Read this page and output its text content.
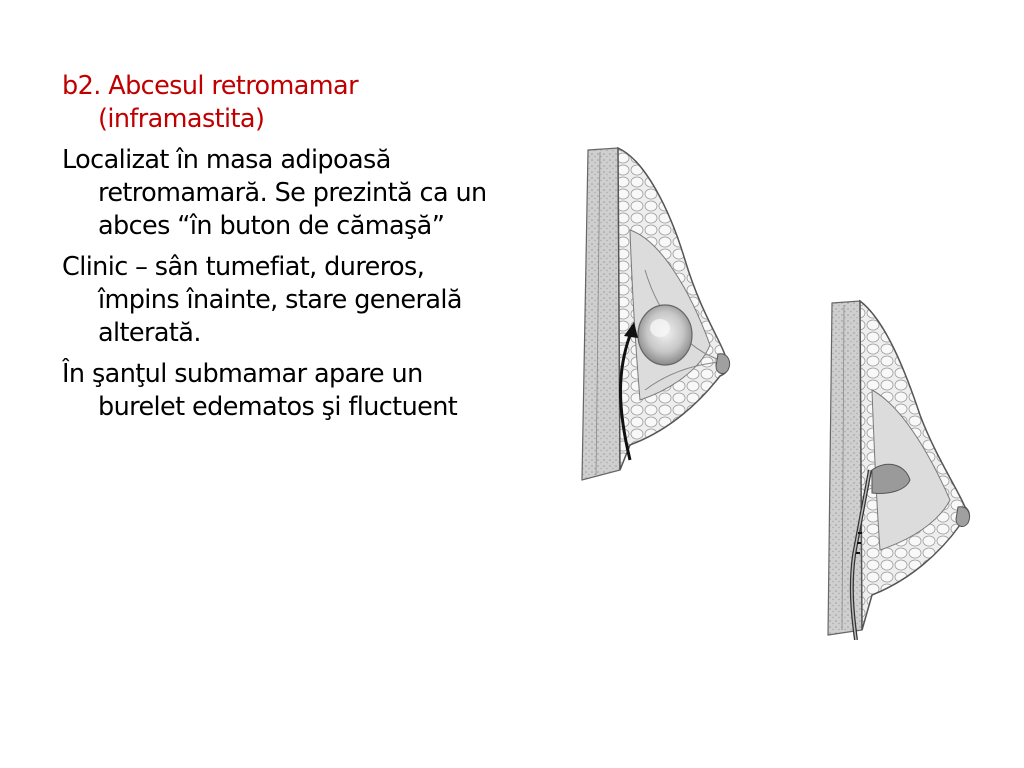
b2. Abcesul retromamar (inframastita)

Localizat în masa adipoasă retromamară. Se prezintă ca un abces “în buton de cămaşă”

Clinic – sân tumefiat, dureros, împins înainte, stare generală alterată.

În şanţul submamar apare un burelet edematos şi fluctuent
